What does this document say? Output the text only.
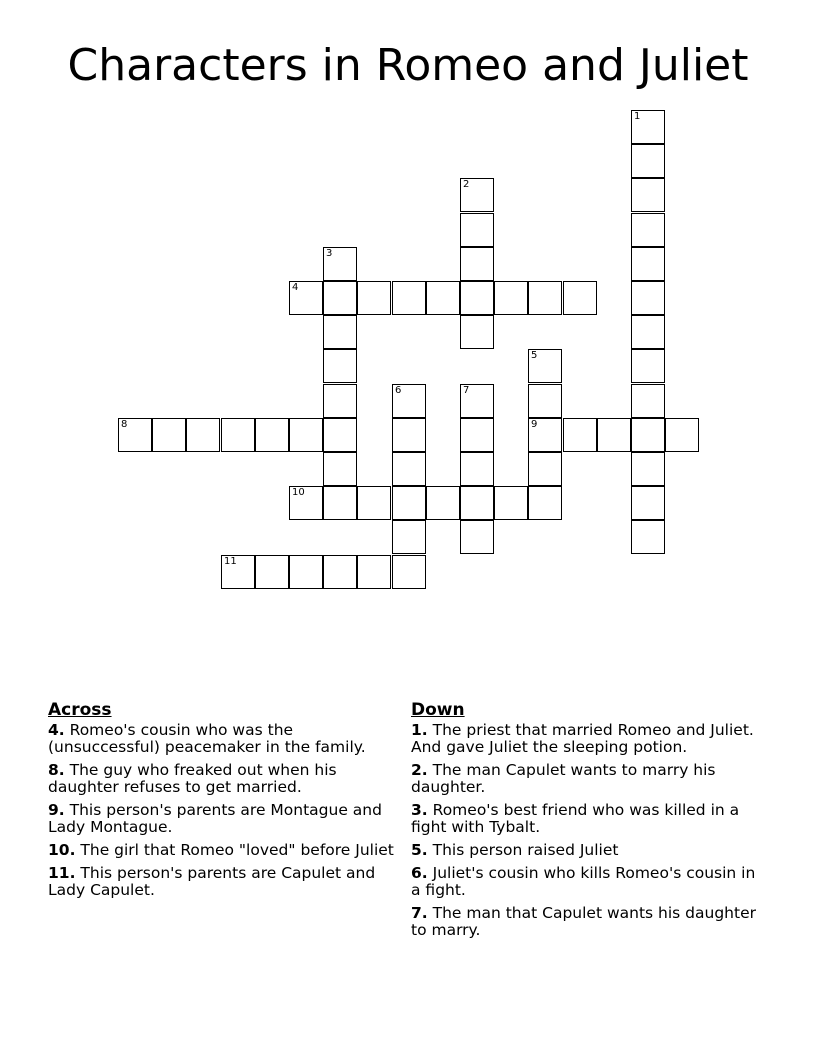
Characters in Romeo and Juliet
1
2
3
4
5
9
6	7
8
10
11
Across
4. Romeo's cousin who was the (unsuccessful) peacemaker in the family.
8. The guy who freaked out when his daughter refuses to get married.
9. This person's parents are Montague and Lady Montague.
10. The girl that Romeo "loved" before Juliet
11. This person's parents are Capulet and Lady Capulet.
Down
1. The priest that married Romeo and Juliet. And gave Juliet the sleeping potion.
2. The man Capulet wants to marry his daughter.
3. Romeo's best friend who was killed in a fight with Tybalt.
5. This person raised Juliet
6. Juliet's cousin who kills Romeo's cousin in a fight.
7. The man that Capulet wants his daughter to marry.
